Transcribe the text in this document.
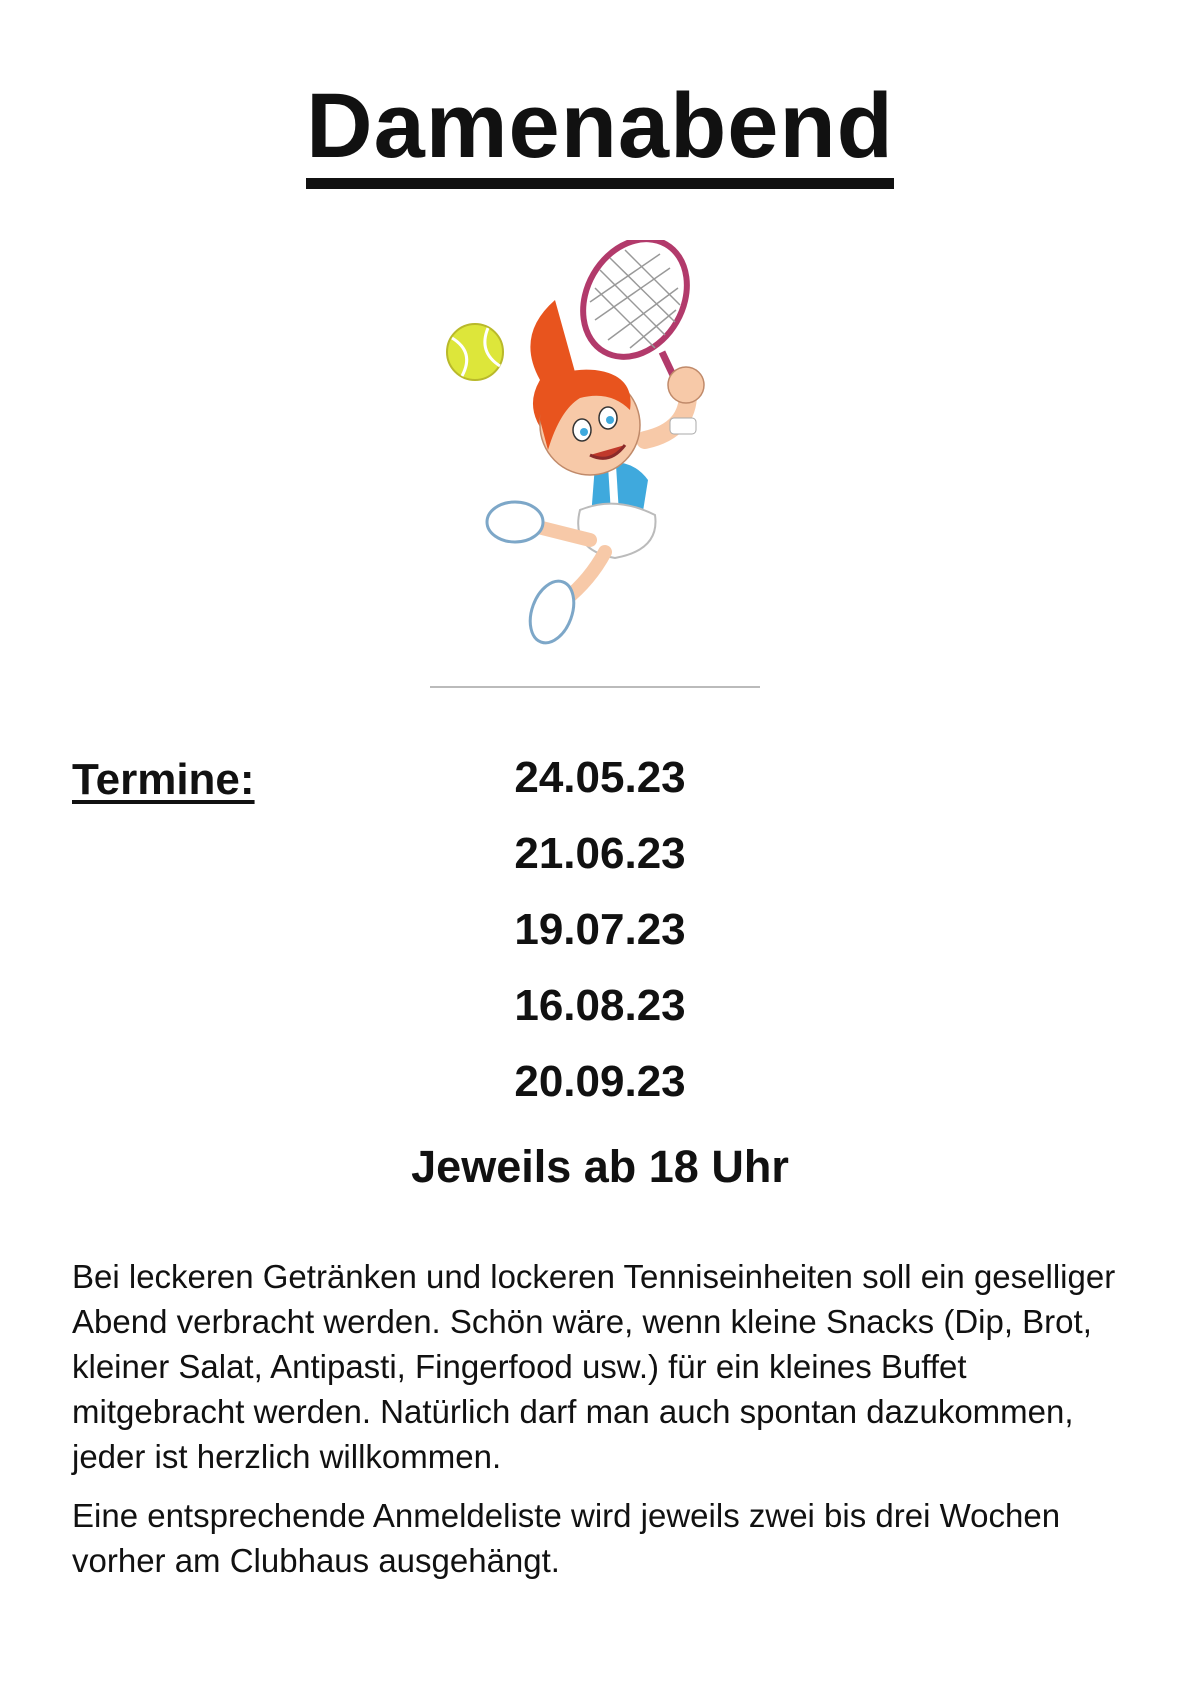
Damenabend
Termine:	24.05.23
21.06.23
19.07.23
16.08.23
20.09.23
Jeweils ab 18 Uhr

Bei leckeren Getränken und lockeren Tenniseinheiten soll ein geselliger Abend verbracht werden. Schön wäre, wenn kleine Snacks (Dip, Brot, kleiner Salat, Antipasti, Fingerfood usw.) für ein kleines Buffet mitgebracht werden. Natürlich darf man auch spontan dazukommen, jeder ist herzlich willkommen.

Eine entsprechende Anmeldeliste wird jeweils zwei bis drei Wochen vorher am Clubhaus ausgehängt.
